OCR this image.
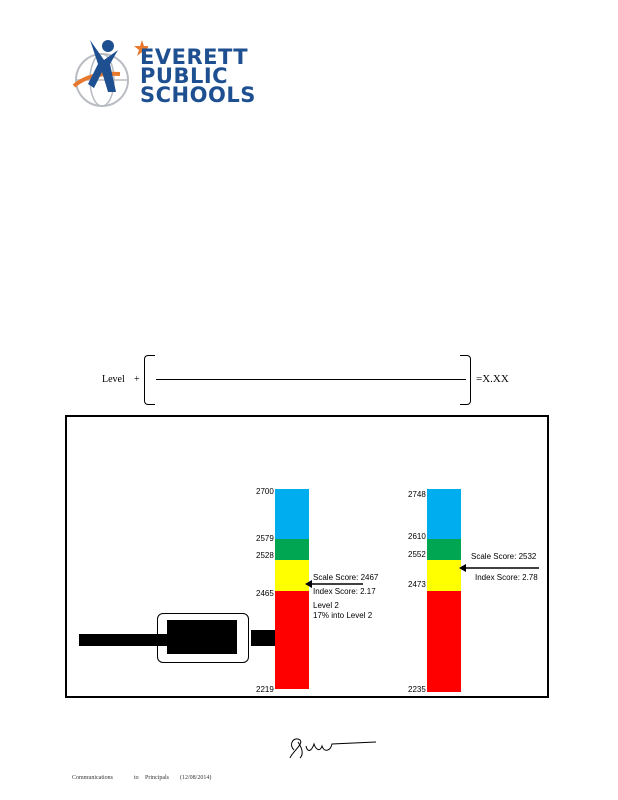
EVERETT
PUBLIC
SCHOOLS
Level +	=X.XX
2700
2579
2528
2465
2219
Scale Score: 2467
Index Score: 2.17
Level 2
17% into Level 2
2748
2610
2552
2473
2235
Scale Score: 2532
Index Score: 2.78
Communications	to Principals (12/08/2014)
